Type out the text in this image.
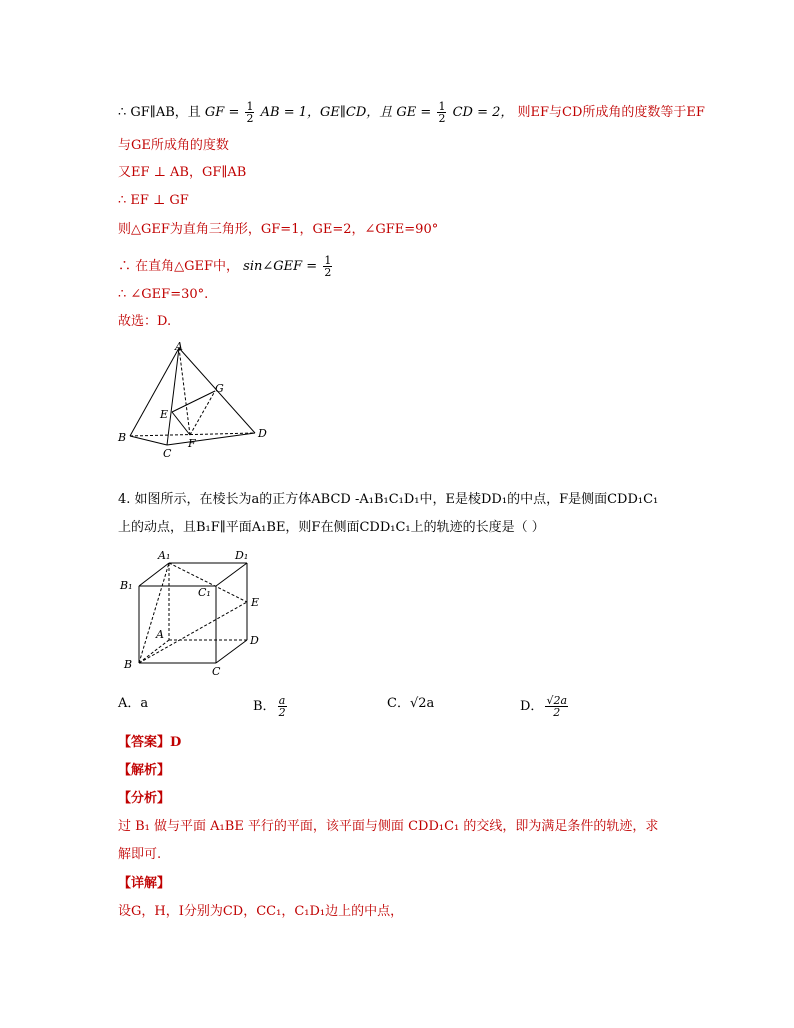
∴ GF∥AB，且 GF = $\frac{1}{2}$ AB = 1，GE∥CD，且 GE = $\frac{1}{2}$ CD = 2， 则EF与CD所成角的度数等于EF
与GE所成角的度数
又EF ⊥ AB，GF∥AB
∴ EF ⊥ GF
则△GEF为直角三角形，GF=1，GE=2，∠GFE=90°
∴ 在直角△GEF中， sin∠GEF = $\frac{1}{2}$
∴ ∠GEF=30°.
故选：D.
A
B
C
D
E
F
G
4. 如图所示，在棱长为a的正方体ABCD -A₁B₁C₁D₁中，E是棱DD₁的中点，F是侧面CDD₁C₁
上的动点，且B₁F∥平面A₁BE，则F在侧面CDD₁C₁上的轨迹的长度是（ ）
A₁	D₁
B₁
C₁
E
A	D
B
C
A．a	B． $\frac{a}{2}$	C．√2a	D． $\frac{√2a}{2}$
【答案】D
【解析】
【分析】
过 B₁ 做与平面 A₁BE 平行的平面，该平面与侧面 CDD₁C₁ 的交线，即为满足条件的轨迹，求
解即可.
【详解】
设G，H，I分别为CD，CC₁，C₁D₁边上的中点，
